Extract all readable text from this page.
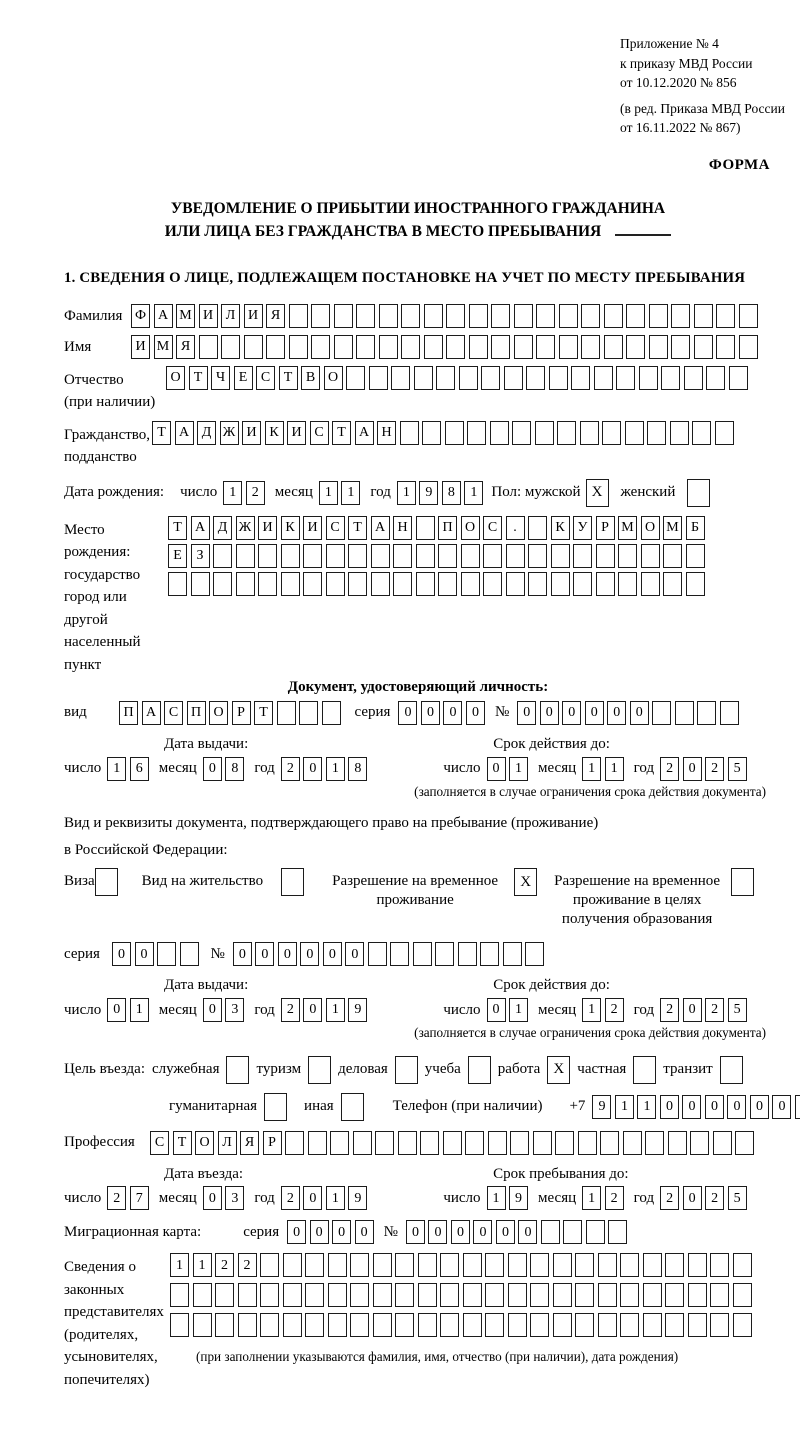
Приложение № 4
к приказу МВД России
от 10.12.2020 № 856
(в ред. Приказа МВД России
от 16.11.2022 № 867)
ФОРМА
УВЕДОМЛЕНИЕ О ПРИБЫТИИ ИНОСТРАННОГО ГРАЖДАНИНА
ИЛИ ЛИЦА БЕЗ ГРАЖДАНСТВА В МЕСТО ПРЕБЫВАНИЯ
1. СВЕДЕНИЯ О ЛИЦЕ, ПОДЛЕЖАЩЕМ ПОСТАНОВКЕ НА УЧЕТ ПО МЕСТУ ПРЕБЫВАНИЯ
Фамилия Ф А М И Л И Я
Имя	И М Я
Отчество
(при наличии)
О Т Ч Е С Т В О
Гражданство,
подданство
Т А Д Ж И К И С Т А Н
Дата рождения:	число 1	2	месяц 1	1	год 1	9	8	1 Пол: мужской X	женский
Место рождения:
государство
город или другой
населенный пункт
Т А Д Ж И К И С Т А Н	П О С	.	К У Р М О М Б
Е	З
Документ, удостоверяющий личность:
вид	П А С П О Р	Т	серия	0	0	0	0	№	0	0	0	0	0	0
Дата выдачи:	Срок действия до:
число 1	6	месяц 0	8	год 2	0	1	8	число 0	1	месяц 1	1	год 2	0	2	5
(заполняется в случае ограничения срока действия документа)
Вид и реквизиты документа, подтверждающего право на пребывание (проживание)
в Российской Федерации:
Виза	Вид на жительство	Разрешение на временное проживание
X	Разрешение на временное проживание в целях получения образования
серия	0	0	№	0	0	0	0	0	0
Дата выдачи:	Срок действия до:
число 0	1	месяц 0	3	год 2	0	1	9	число 0	1	месяц 1	2	год 2	0	2	5
(заполняется в случае ограничения срока действия документа)
Цель въезда: служебная туризм деловая учеба работа X частная транзит
гуманитарная	иная	Телефон (при наличии) +7 9	1	1	0	0	0	0	0	0
Профессия	С Т О Л Я Р
Дата въезда:	Срок пребывания до:
число 2	7	месяц 0	3	год 2	0	1	9	число 1	9	месяц 1	2	год 2	0	2	5
Миграционная карта:	серия	0	0	0	0	№	0	0	0	0	0	0
Сведения о
законных
представителях
(родителях,
усыновителях,
попечителях)
1	1	2	2
(при заполнении указываются фамилия, имя, отчество (при наличии), дата рождения)
